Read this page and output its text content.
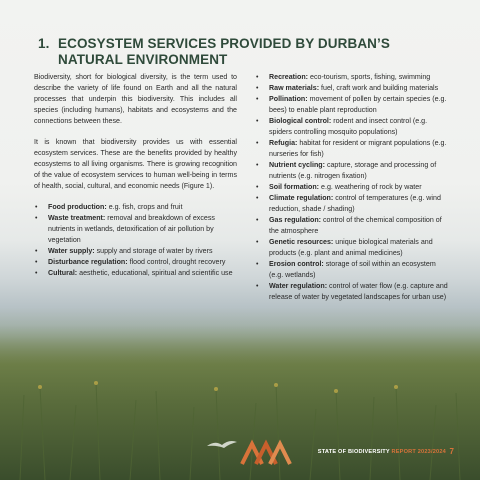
1. ECOSYSTEM SERVICES PROVIDED BY DURBAN’S NATURAL ENVIRONMENT

Biodiversity, short for biological diversity, is the term used to describe the variety of life found on Earth and all the natural processes that underpin this biodiversity. This includes all species (including humans), habitats and ecosystems and the connections between these.

It is known that biodiversity provides us with essential ecosystem services. These are the benefits provided by healthy ecosystems to all living organisms. There is growing recognition of the value of ecosystem services to human well-being in terms of health, social, cultural, and economic needs (Figure 1).

• Food production: e.g. fish, crops and fruit
• Waste treatment: removal and breakdown of excess nutrients in wetlands, detoxification of air pollution by vegetation
• Water supply: supply and storage of water by rivers
• Disturbance regulation: flood control, drought recovery
• Cultural: aesthetic, educational, spiritual and scientific use
• Recreation: eco-tourism, sports, fishing, swimming
• Raw materials: fuel, craft work and building materials
• Pollination: movement of pollen by certain species (e.g. bees) to enable plant reproduction
• Biological control: rodent and insect control (e.g. spiders controlling mosquito populations)
• Refugia: habitat for resident or migrant populations (e.g. nurseries for fish)
• Nutrient cycling: capture, storage and processing of nutrients (e.g. nitrogen fixation)
• Soil formation: e.g. weathering of rock by water
• Climate regulation: control of temperatures (e.g. wind reduction, shade / shading)
• Gas regulation: control of the chemical composition of the atmosphere
• Genetic resources: unique biological materials and products (e.g. plant and animal medicines)
• Erosion control: storage of soil within an ecosystem (e.g. wetlands)
• Water regulation: control of water flow (e.g. capture and release of water by vegetated landscapes for urban use)
STATE OF BIODIVERSITY REPORT 2023/2024 7
